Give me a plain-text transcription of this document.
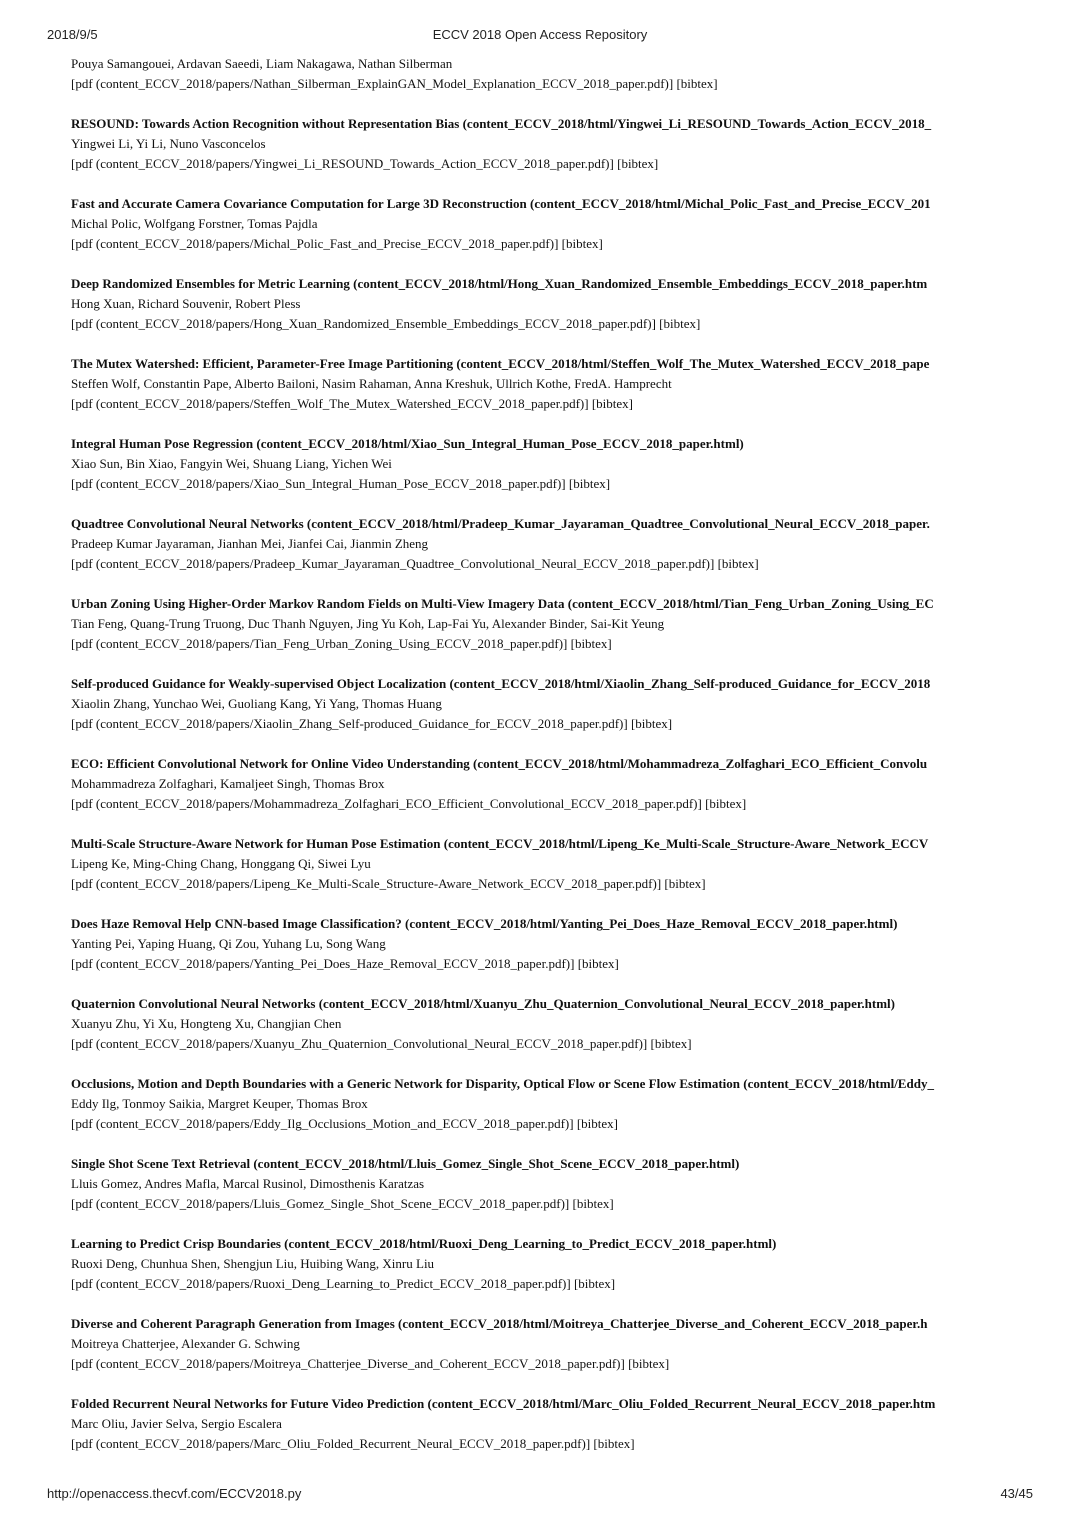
2018/9/5	ECCV 2018 Open Access Repository
Pouya Samangouei, Ardavan Saeedi, Liam Nakagawa, Nathan Silberman
[pdf (content_ECCV_2018/papers/Nathan_Silberman_ExplainGAN_Model_Explanation_ECCV_2018_paper.pdf)] [bibtex]
RESOUND: Towards Action Recognition without Representation Bias (content_ECCV_2018/html/Yingwei_Li_RESOUND_Towards_Action_ECCV_2018_
Yingwei Li, Yi Li, Nuno Vasconcelos
[pdf (content_ECCV_2018/papers/Yingwei_Li_RESOUND_Towards_Action_ECCV_2018_paper.pdf)] [bibtex]
Fast and Accurate Camera Covariance Computation for Large 3D Reconstruction (content_ECCV_2018/html/Michal_Polic_Fast_and_Precise_ECCV_201
Michal Polic, Wolfgang Forstner, Tomas Pajdla
[pdf (content_ECCV_2018/papers/Michal_Polic_Fast_and_Precise_ECCV_2018_paper.pdf)] [bibtex]
Deep Randomized Ensembles for Metric Learning (content_ECCV_2018/html/Hong_Xuan_Randomized_Ensemble_Embeddings_ECCV_2018_paper.htm
Hong Xuan, Richard Souvenir, Robert Pless
[pdf (content_ECCV_2018/papers/Hong_Xuan_Randomized_Ensemble_Embeddings_ECCV_2018_paper.pdf)] [bibtex]
The Mutex Watershed: Efficient, Parameter-Free Image Partitioning (content_ECCV_2018/html/Steffen_Wolf_The_Mutex_Watershed_ECCV_2018_pape
Steffen Wolf, Constantin Pape, Alberto Bailoni, Nasim Rahaman, Anna Kreshuk, Ullrich Kothe, FredA. Hamprecht
[pdf (content_ECCV_2018/papers/Steffen_Wolf_The_Mutex_Watershed_ECCV_2018_paper.pdf)] [bibtex]
Integral Human Pose Regression (content_ECCV_2018/html/Xiao_Sun_Integral_Human_Pose_ECCV_2018_paper.html)
Xiao Sun, Bin Xiao, Fangyin Wei, Shuang Liang, Yichen Wei
[pdf (content_ECCV_2018/papers/Xiao_Sun_Integral_Human_Pose_ECCV_2018_paper.pdf)] [bibtex]
Quadtree Convolutional Neural Networks (content_ECCV_2018/html/Pradeep_Kumar_Jayaraman_Quadtree_Convolutional_Neural_ECCV_2018_paper.
Pradeep Kumar Jayaraman, Jianhan Mei, Jianfei Cai, Jianmin Zheng
[pdf (content_ECCV_2018/papers/Pradeep_Kumar_Jayaraman_Quadtree_Convolutional_Neural_ECCV_2018_paper.pdf)] [bibtex]
Urban Zoning Using Higher-Order Markov Random Fields on Multi-View Imagery Data (content_ECCV_2018/html/Tian_Feng_Urban_Zoning_Using_EC
Tian Feng, Quang-Trung Truong, Duc Thanh Nguyen, Jing Yu Koh, Lap-Fai Yu, Alexander Binder, Sai-Kit Yeung
[pdf (content_ECCV_2018/papers/Tian_Feng_Urban_Zoning_Using_ECCV_2018_paper.pdf)] [bibtex]
Self-produced Guidance for Weakly-supervised Object Localization (content_ECCV_2018/html/Xiaolin_Zhang_Self-produced_Guidance_for_ECCV_2018
Xiaolin Zhang, Yunchao Wei, Guoliang Kang, Yi Yang, Thomas Huang
[pdf (content_ECCV_2018/papers/Xiaolin_Zhang_Self-produced_Guidance_for_ECCV_2018_paper.pdf)] [bibtex]
ECO: Efficient Convolutional Network for Online Video Understanding (content_ECCV_2018/html/Mohammadreza_Zolfaghari_ECO_Efficient_Convolu
Mohammadreza Zolfaghari, Kamaljeet Singh, Thomas Brox
[pdf (content_ECCV_2018/papers/Mohammadreza_Zolfaghari_ECO_Efficient_Convolutional_ECCV_2018_paper.pdf)] [bibtex]
Multi-Scale Structure-Aware Network for Human Pose Estimation (content_ECCV_2018/html/Lipeng_Ke_Multi-Scale_Structure-Aware_Network_ECCV
Lipeng Ke, Ming-Ching Chang, Honggang Qi, Siwei Lyu
[pdf (content_ECCV_2018/papers/Lipeng_Ke_Multi-Scale_Structure-Aware_Network_ECCV_2018_paper.pdf)] [bibtex]
Does Haze Removal Help CNN-based Image Classification? (content_ECCV_2018/html/Yanting_Pei_Does_Haze_Removal_ECCV_2018_paper.html)
Yanting Pei, Yaping Huang, Qi Zou, Yuhang Lu, Song Wang
[pdf (content_ECCV_2018/papers/Yanting_Pei_Does_Haze_Removal_ECCV_2018_paper.pdf)] [bibtex]
Quaternion Convolutional Neural Networks (content_ECCV_2018/html/Xuanyu_Zhu_Quaternion_Convolutional_Neural_ECCV_2018_paper.html)
Xuanyu Zhu, Yi Xu, Hongteng Xu, Changjian Chen
[pdf (content_ECCV_2018/papers/Xuanyu_Zhu_Quaternion_Convolutional_Neural_ECCV_2018_paper.pdf)] [bibtex]
Occlusions, Motion and Depth Boundaries with a Generic Network for Disparity, Optical Flow or Scene Flow Estimation (content_ECCV_2018/html/Eddy_
Eddy Ilg, Tonmoy Saikia, Margret Keuper, Thomas Brox
[pdf (content_ECCV_2018/papers/Eddy_Ilg_Occlusions_Motion_and_ECCV_2018_paper.pdf)] [bibtex]
Single Shot Scene Text Retrieval (content_ECCV_2018/html/Lluis_Gomez_Single_Shot_Scene_ECCV_2018_paper.html)
Lluis Gomez, Andres Mafla, Marcal Rusinol, Dimosthenis Karatzas
[pdf (content_ECCV_2018/papers/Lluis_Gomez_Single_Shot_Scene_ECCV_2018_paper.pdf)] [bibtex]
Learning to Predict Crisp Boundaries (content_ECCV_2018/html/Ruoxi_Deng_Learning_to_Predict_ECCV_2018_paper.html)
Ruoxi Deng, Chunhua Shen, Shengjun Liu, Huibing Wang, Xinru Liu
[pdf (content_ECCV_2018/papers/Ruoxi_Deng_Learning_to_Predict_ECCV_2018_paper.pdf)] [bibtex]
Diverse and Coherent Paragraph Generation from Images (content_ECCV_2018/html/Moitreya_Chatterjee_Diverse_and_Coherent_ECCV_2018_paper.h
Moitreya Chatterjee, Alexander G. Schwing
[pdf (content_ECCV_2018/papers/Moitreya_Chatterjee_Diverse_and_Coherent_ECCV_2018_paper.pdf)] [bibtex]
Folded Recurrent Neural Networks for Future Video Prediction (content_ECCV_2018/html/Marc_Oliu_Folded_Recurrent_Neural_ECCV_2018_paper.htm
Marc Oliu, Javier Selva, Sergio Escalera
[pdf (content_ECCV_2018/papers/Marc_Oliu_Folded_Recurrent_Neural_ECCV_2018_paper.pdf)] [bibtex]
http://openaccess.thecvf.com/ECCV2018.py	43/45
